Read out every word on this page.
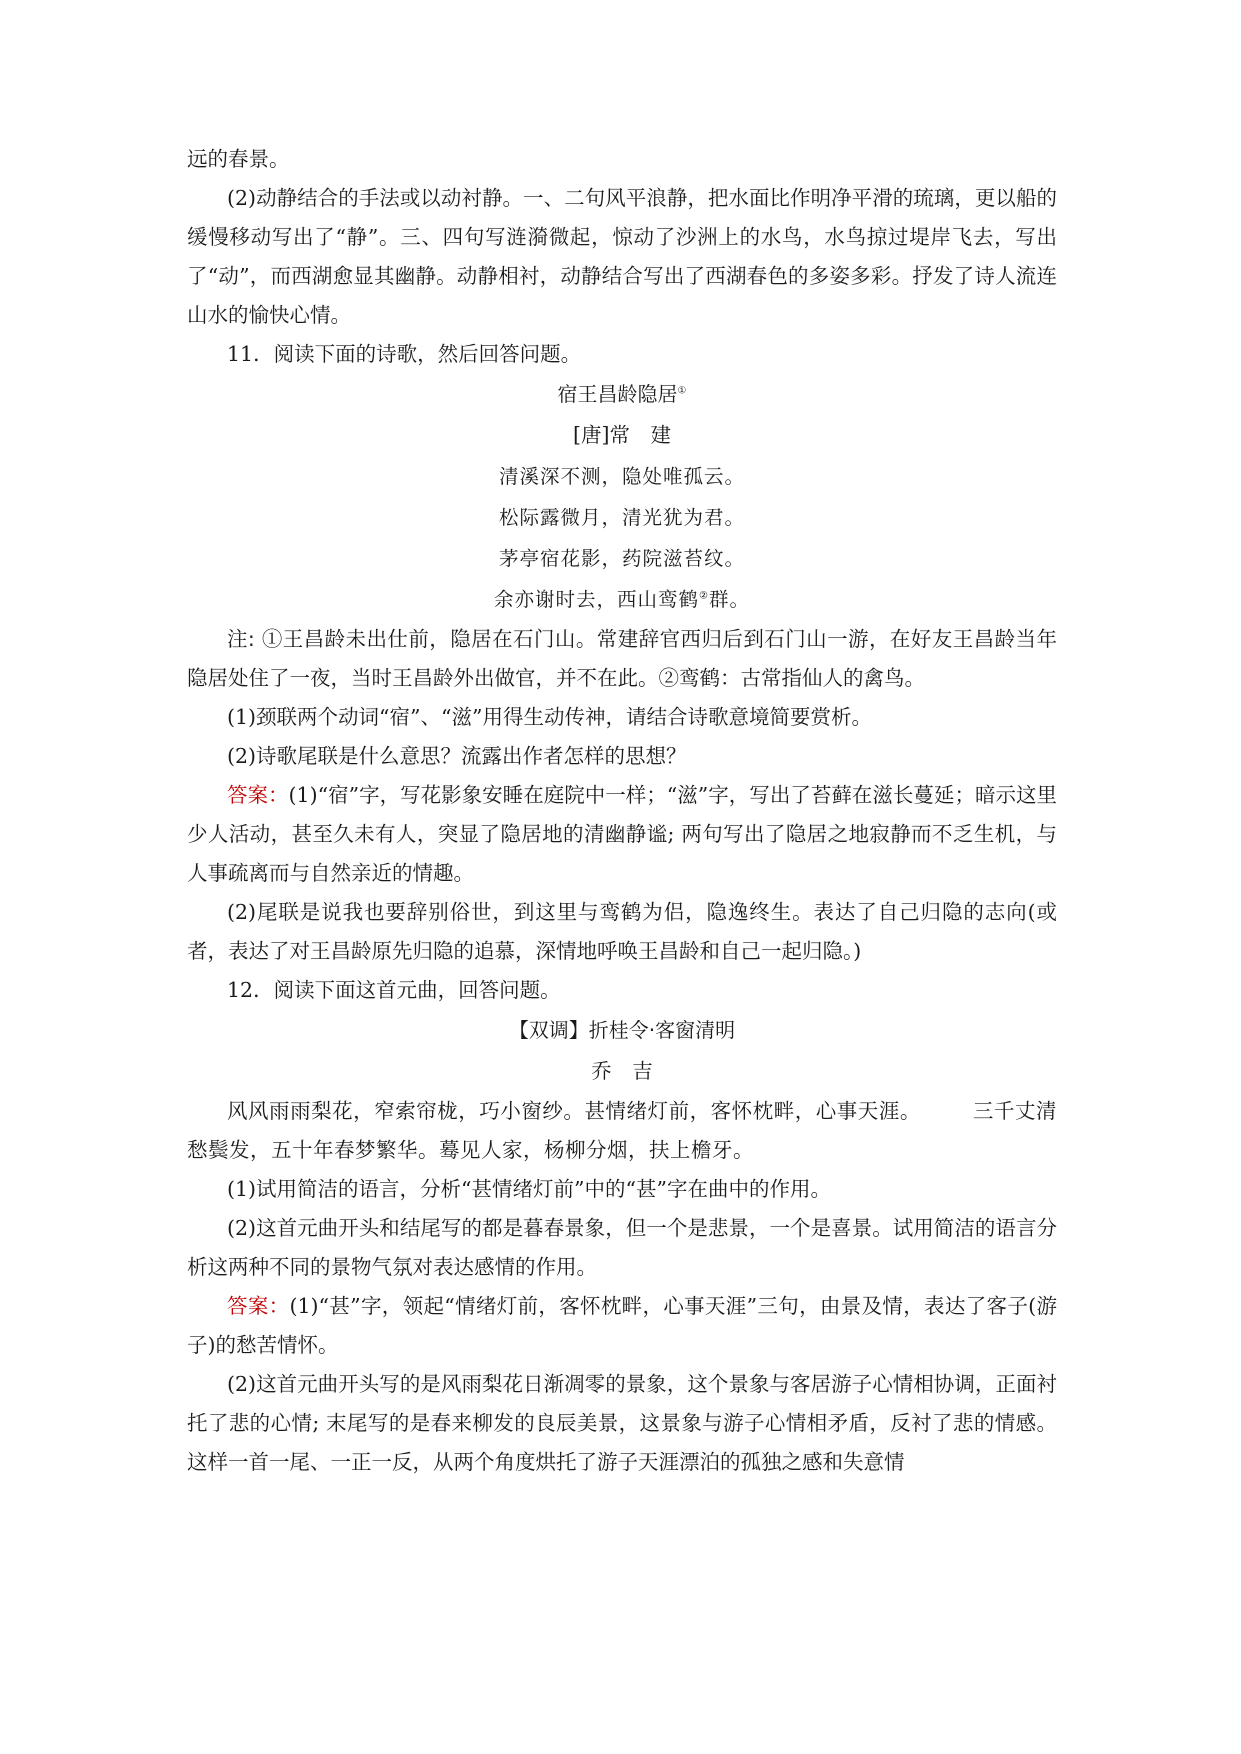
远的春景。

(2)动静结合的手法或以动衬静。一、二句风平浪静，把水面比作明净平滑的琉璃，更以船的缓慢移动写出了“静”。三、四句写涟漪微起，惊动了沙洲上的水鸟，水鸟掠过堤岸飞去，写出了“动”，而西湖愈显其幽静。动静相衬，动静结合写出了西湖春色的多姿多彩。抒发了诗人流连山水的愉快心情。

11．阅读下面的诗歌，然后回答问题。

宿王昌龄隐居①

[唐]常　建

清溪深不测，隐处唯孤云。

松际露微月，清光犹为君。

茅亭宿花影，药院滋苔纹。

余亦谢时去，西山鸾鹤②群。

注: ①王昌龄未出仕前，隐居在石门山。常建辞官西归后到石门山一游，在好友王昌龄当年隐居处住了一夜，当时王昌龄外出做官，并不在此。②鸾鹤：古常指仙人的禽鸟。

(1)颈联两个动词“宿”、“滋”用得生动传神，请结合诗歌意境简要赏析。

(2)诗歌尾联是什么意思？流露出作者怎样的思想？

答案：(1)“宿”字，写花影象安睡在庭院中一样；“滋”字，写出了苔藓在滋长蔓延；暗示这里少人活动，甚至久未有人，突显了隐居地的清幽静谧; 两句写出了隐居之地寂静而不乏生机，与人事疏离而与自然亲近的情趣。

(2)尾联是说我也要辞别俗世，到这里与鸾鹤为侣，隐逸终生。表达了自己归隐的志向(或者，表达了对王昌龄原先归隐的追慕，深情地呼唤王昌龄和自己一起归隐。)

12．阅读下面这首元曲，回答问题。

【双调】折桂令·客窗清明

乔　吉

风风雨雨梨花，窄索帘栊，巧小窗纱。甚情绪灯前，客怀枕畔，心事天涯。	三千丈清愁鬓发，五十年春梦繁华。蓦见人家，杨柳分烟，扶上檐牙。

(1)试用简洁的语言，分析“甚情绪灯前”中的“甚”字在曲中的作用。

(2)这首元曲开头和结尾写的都是暮春景象，但一个是悲景，一个是喜景。试用简洁的语言分析这两种不同的景物气氛对表达感情的作用。

答案：(1)“甚”字，领起“情绪灯前，客怀枕畔，心事天涯”三句，由景及情，表达了客子(游子)的愁苦情怀。

(2)这首元曲开头写的是风雨梨花日渐凋零的景象，这个景象与客居游子心情相协调，正面衬托了悲的心情; 末尾写的是春来柳发的良辰美景，这景象与游子心情相矛盾，反衬了悲的情感。这样一首一尾、一正一反，从两个角度烘托了游子天涯漂泊的孤独之感和失意情
